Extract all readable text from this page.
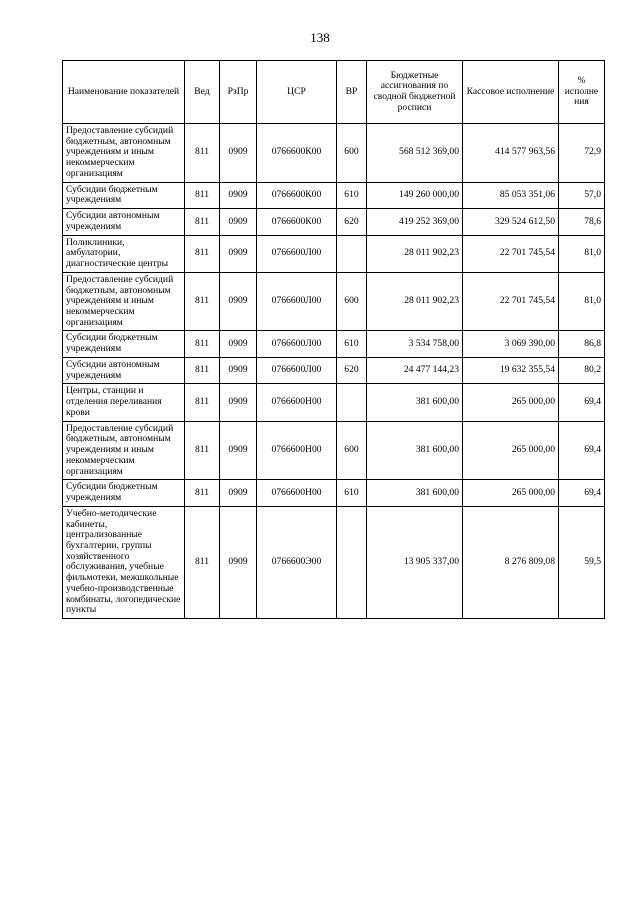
138
Наименование показателей	Вед	РзПр	ЦСР	ВР	Бюджетные ассигнования по сводной бюджетной росписи	Кассовое исполнение	% исполне ния
Предоставление субсидий бюджетным, автономным учреждениям и иным некоммерческим организациям	811	0909	0766600К00	600	568 512 369,00	414 577 963,56	72,9
Субсидии бюджетным учреждениям	811	0909	0766600К00	610	149 260 000,00	85 053 351,06	57,0
Субсидии автономным учреждениям	811	0909	0766600К00	620	419 252 369,00	329 524 612,50	78,6
Поликлиники, амбулатории, диагностические центры	811	0909	0766600Л00		28 011 902,23	22 701 745,54	81,0
Предоставление субсидий бюджетным, автономным учреждениям и иным некоммерческим организациям	811	0909	0766600Л00	600	28 011 902,23	22 701 745,54	81,0
Субсидии бюджетным учреждениям	811	0909	0766600Л00	610	3 534 758,00	3 069 390,00	86,8
Субсидии автономным учреждениям	811	0909	0766600Л00	620	24 477 144,23	19 632 355,54	80,2
Центры, станции и отделения переливания крови	811	0909	0766600Н00		381 600,00	265 000,00	69,4
Предоставление субсидий бюджетным, автономным учреждениям и иным некоммерческим организациям	811	0909	0766600Н00	600	381 600,00	265 000,00	69,4
Субсидии бюджетным учреждениям	811	0909	0766600Н00	610	381 600,00	265 000,00	69,4
Учебно-методические кабинеты, централизованные бухгалтерии, группы хозяйственного обслуживания, учебные фильмотеки, межшкольные учебно-производственные комбинаты, логопедические пункты	811	0909	0766600Э00		13 905 337,00	8 276 809,08	59,5
